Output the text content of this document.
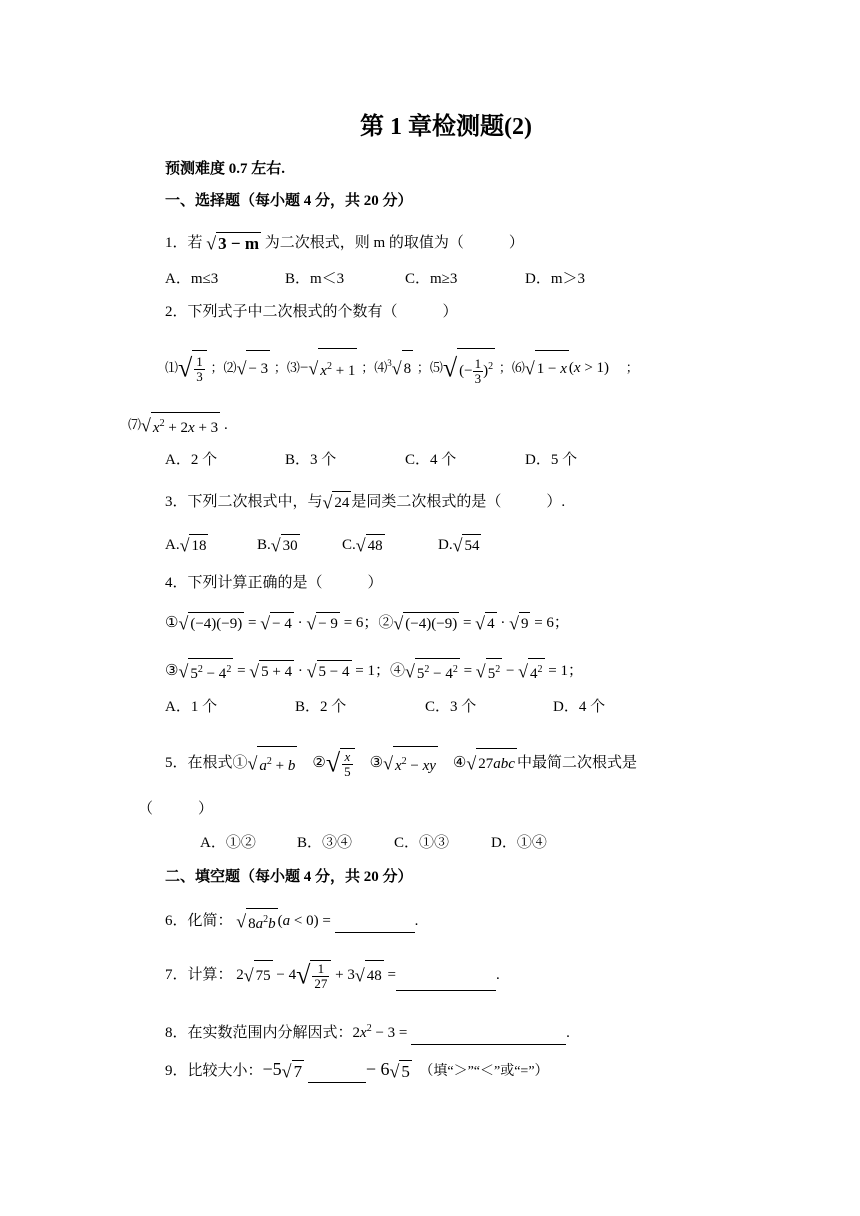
第 1 章检测题(2)
预测难度 0.7 左右.
一、选择题（每小题 4 分，共 20 分）
1．若 √ 3 − m 为二次根式，则 m 的取值为（　　　）
A．m≤3	B．m＜3	C．m≥3	D．m＞3
2．下列式子中二次根式的个数有（　　　）
⑴√ $\frac{1}{3}$ ；⑵√ − 3 ；⑶−√ $x^2 + 1$ ；⑷$^3$√ 8 ；⑸√ (− $\frac{1}{3} )^2$ ；⑹√ 1 − x (x > 1) 　；
⑺√ $x^2 + 2x + 3$ .
A．2 个	B．3 个	C．4 个	D．5 个
3．下列二次根式中，与√ 24 是同类二次根式的是（　　　）.
A.√ 18	B.√ 30	C.√ 48	D.√ 54
4．下列计算正确的是（　　　）
①√ (−4)(−9) = √ − 4 · √ − 9 = 6；②√ (−4)(−9) = √ 4 · √ 9 = 6；
③√ $5^2 - 4^2$ = √ 5 + 4 · √ 5 − 4 = 1；④√ $5^2 - 4^2$ = √ $5^2$ − √ $4^2 = 1$；
A．1 个	B．2 个	C．3 个	D．4 个
5．在根式①√ $a^2 + b$ ②√ $\frac{x}{5}$ ③√ $x^2$ − xy ④√ 27abc 中最简二次根式是
（　　　）
A．①②	B．③④	C．①③	D．①④
二、填空题（每小题 4 分，共 20 分）
6．化简： √ $8a^2b$ (a < 0) =	.
7．计算： 2√ $75 - 4√ \frac{1}{27} + 3√$ 48 =	.
8．在实数范围内分解因式：$2x^2 - 3$ =	.
9．比较大小：−5√ 7	− 6√ 5 （填“＞”“＜”或“=”）
